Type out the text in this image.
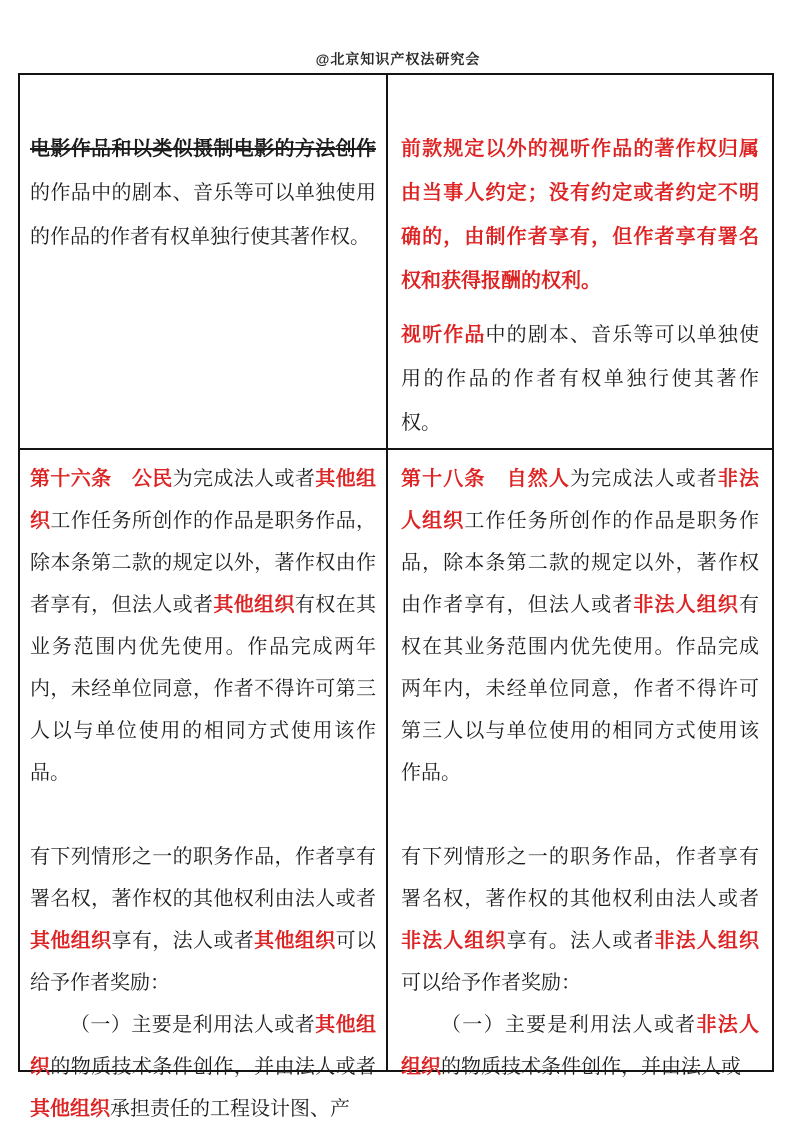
@北京知识产权法研究会

电影作品和以类似摄制电影的方法创作的作品中的剧本、音乐等可以单独使用的作品的作者有权单独行使其著作权。

前款规定以外的视听作品的著作权归属由当事人约定；没有约定或者约定不明确的，由制作者享有，但作者享有署名权和获得报酬的权利。

视听作品中的剧本、音乐等可以单独使用的作品的作者有权单独行使其著作权。

第十六条　公民为完成法人或者其他组织工作任务所创作的作品是职务作品，除本条第二款的规定以外，著作权由作者享有，但法人或者其他组织有权在其业务范围内优先使用。作品完成两年内，未经单位同意，作者不得许可第三人以与单位使用的相同方式使用该作品。

有下列情形之一的职务作品，作者享有署名权，著作权的其他权利由法人或者其他组织享有，法人或者其他组织可以给予作者奖励：

（一）主要是利用法人或者其他组织的物质技术条件创作，并由法人或者其他组织承担责任的工程设计图、产

第十八条　自然人为完成法人或者非法人组织工作任务所创作的作品是职务作品，除本条第二款的规定以外，著作权由作者享有，但法人或者非法人组织有权在其业务范围内优先使用。作品完成两年内，未经单位同意，作者不得许可第三人以与单位使用的相同方式使用该作品。

有下列情形之一的职务作品，作者享有署名权，著作权的其他权利由法人或者非法人组织享有。法人或者非法人组织可以给予作者奖励：

（一）主要是利用法人或者非法人组织的物质技术条件创作，并由法人或
